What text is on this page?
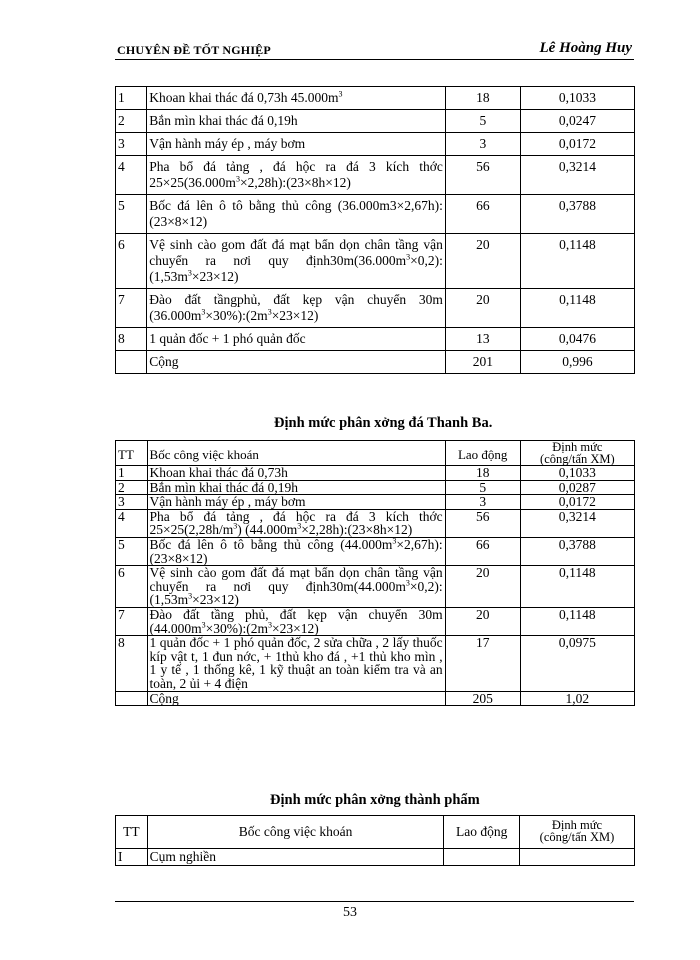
CHUYÊN ĐỀ TỐT NGHIỆP	Lê Hoàng Huy
1	Khoan khai thác đá 0,73h $45.000m^3$	18	0,1033
2	Bắn mìn khai thác đá 0,19h	5	0,0247
3	Vận hành máy ép , máy bơm	3	0,0172
4	Pha bổ đá tảng , đá hộc ra đá 3 kích thớc $25\times 25(36.000m^3\times 2,28h):(23\times 8h\times 12)$	56	0,3214
5	Bốc đá lên ô tô bằng thủ công (36.000m3×2,67h):(23×8×12)	66	0,3788
6	Vệ sinh cào gom đất đá mạt bẩn dọn chân tầng vận chuyển ra nơi quy $định30m(36.000m^3\times 0,2):(1,53m^3\times 23\times 12)$	20	0,1148
7	Đào đất tầngphủ, đất kẹp vận chuyển 30m $(36.000m^3\times 30\%):(2m^3\times 23\times 12)$	20	0,1148
8	1 quản đốc + 1 phó quản đốc	13	0,0476
	Cộng	201	0,996
Định mức phân xởng đá Thanh Ba.
TT	Bốc công việc khoán	Lao động	Định mức
(công/tấn XM)

1	Khoan khai thác đá 0,73h	18	0,1033
2	Bắn mìn khai thác đá 0,19h	5	0,0287
3	Vận hành máy ép , máy bơm	3	0,0172
4	Pha bổ đá tảng , đá hộc ra đá 3 kích thớc $25\times 25(2,28h/m^3)$ $(44.000m^3\times 2,28h):(23\times 8h\times 12)$	56	0,3214
5	Bốc đá lên ô tô bằng thủ công $(44.000m^3\times 2,67h):(23\times 8\times 12)$	66	0,3788
6	Vệ sinh cào gom đất đá mạt bẩn dọn chân tầng vận chuyển ra nơi quy $định30m(44.000m^3\times 0,2):(1,53m^3\times 23\times 12)$	20	0,1148
7	Đào đất tầng phủ, đất kẹp vận chuyển 30m $(44.000m^3\times 30\%):(2m^3\times 23\times 12)$	20	0,1148
8	1 quản đốc + 1 phó quản đốc, 2 sửa chữa , 2 lấy thuốc kíp vật t, 1 đun nớc, + 1thủ kho đá , +1 thủ kho mìn , 1 y tế , 1 thống kê, 1 kỹ thuật an toàn kiểm tra và an toàn, 2 ủi + 4 điện	17	0,0975
	Cộng	205	1,02
Định mức phân xởng thành phẩm
TT	Bốc công việc khoán	Lao động	Định mức
(công/tấn XM)

I	Cụm nghiền		
53
